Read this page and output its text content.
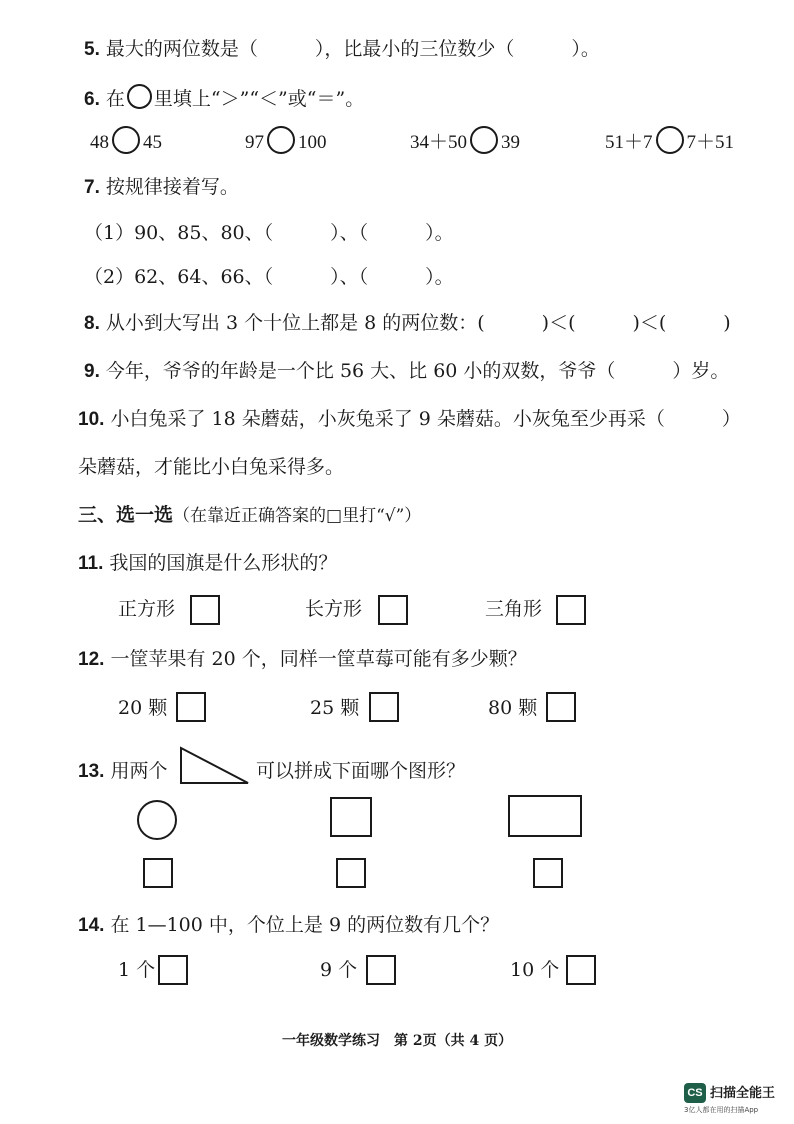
5. 最大的两位数是（　　　），比最小的三位数少（　　　）。
6. 在 里填上“＞”“＜”或“＝”。
48 45	97 100	34＋50 39	51＋7 7＋51
7. 按规律接着写。
（1）90、85、80、（　　　）、（　　　）。
（2）62、64、66、（　　　）、（　　　）。
8. 从小到大写出 3 个十位上都是 8 的两位数：(　　　)＜(　　　)＜(　　　)
9. 今年，爷爷的年龄是一个比 56 大、比 60 小的双数，爷爷（　　　）岁。
10. 小白兔采了 18 朵蘑菇，小灰兔采了 9 朵蘑菇。小灰兔至少再采（　　　）
朵蘑菇，才能比小白兔采得多。
三、选一选（在靠近正确答案的□里打“√”）
11. 我国的国旗是什么形状的？
正方形	长方形	三角形
12. 一筐苹果有 20 个，同样一筐草莓可能有多少颗？
20 颗	25 颗	80 颗
13. 用两个	可以拼成下面哪个图形？
14. 在 1—100 中，个位上是 9 的两位数有几个？
1 个	9 个	10 个
一年级数学练习　第 2页（共 4 页）
CS 扫描全能王
3亿人都在用的扫描App
